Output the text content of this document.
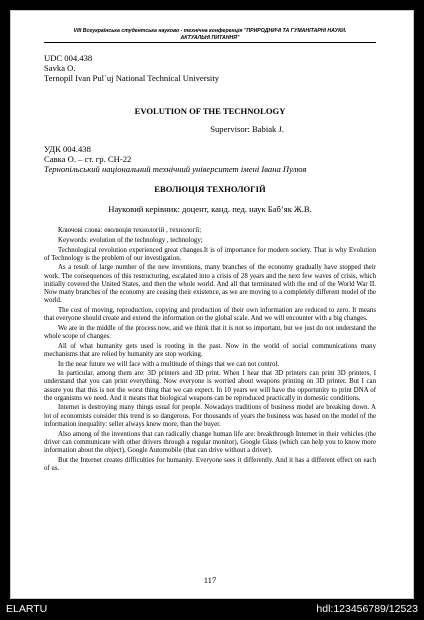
VIII Всеукраїнська студентська науково - технічна конференція "ПРИРОДНИЧІ ТА ГУМАНІТАРНІ НАУКИ.
АКТУАЛЬНІ ПИТАННЯ"
UDC 004.438
Savka O.
Ternopil Ivan Pul`uj National Technical University
EVOLUTION OF THE TECHNOLOGY
Supervisor: Babiak J.
УДК 004.438
Савка О. – ст. гр. СН-22
Тернопільський національний технічний університет імені Івана Пулюя
ЕВОЛЮЦІЯ ТЕХНОЛОГІЙ
Науковий керівник: доцент, канд. пед. наук Баб’як Ж.В.

Ключові слова: еволюція технологій , технології;

Keywords: evolution of the technology , technology;

Technological revolution experienced great changes.It is of importance for modern society. That is why Evolution of Technology is the problem of our investigation.

As a result of large number of the new inventions, many branches of the economy gradually have stopped their work. The consequences of this restructuring, escalated into a crisis of 28 years and the next few waves of crisis, which initially covered the United States, and then the whole world. And all that terminated with the end of the World War II. Now many branches of the economy are ceasing their existence, as we are moving to a completely different model of the world.

The cost of moving, reproduction, copying and production of their own information are reduced to zero. It means that everyone should create and extend the information on the global scale. And we will encounter with a big changes.

We are in the middle of the process now, and we think that it is not so important, but we just do not understand the whole scope of changes.

All of what humanity gets used is rooting in the past. Now in the world of social communications many mechanisms that are relied by humanity are stop working.

In the near future we will face with a multitude of things that we can not control.

In particular, among them are: 3D printers and 3D print. When I hear that 3D printers can print 3D printers, I understand that you can print everything. Now everyone is worried about weapons printing on 3D printer. But I can assure you that this is not the worst thing that we can expect. In 10 years we will have the opportunity to print DNA of the organisms we need. And it means that biological weapons can be reproduced practically in domestic conditions.

Internet is destroying many things usual for people. Nowadays traditions of business model are breaking down. A lot of economists consider this trend is so dangerous. For thousands of years the business was based on the model of the information inequality: seller always knew more, than the buyer.

Also among of the inventions that can radically change human life are: breakthrough Internet in their vehicles (the driver can communicate with other drivers through a regular monitor), Google Glass (which can help you to know more information about the object), Google Automobile (that can drive without a driver).

But the Internet creates difficulties for humanity. Everyone sees it differently. And it has a different effect on each of us.

117
ELARTU	hdl:123456789/12523
